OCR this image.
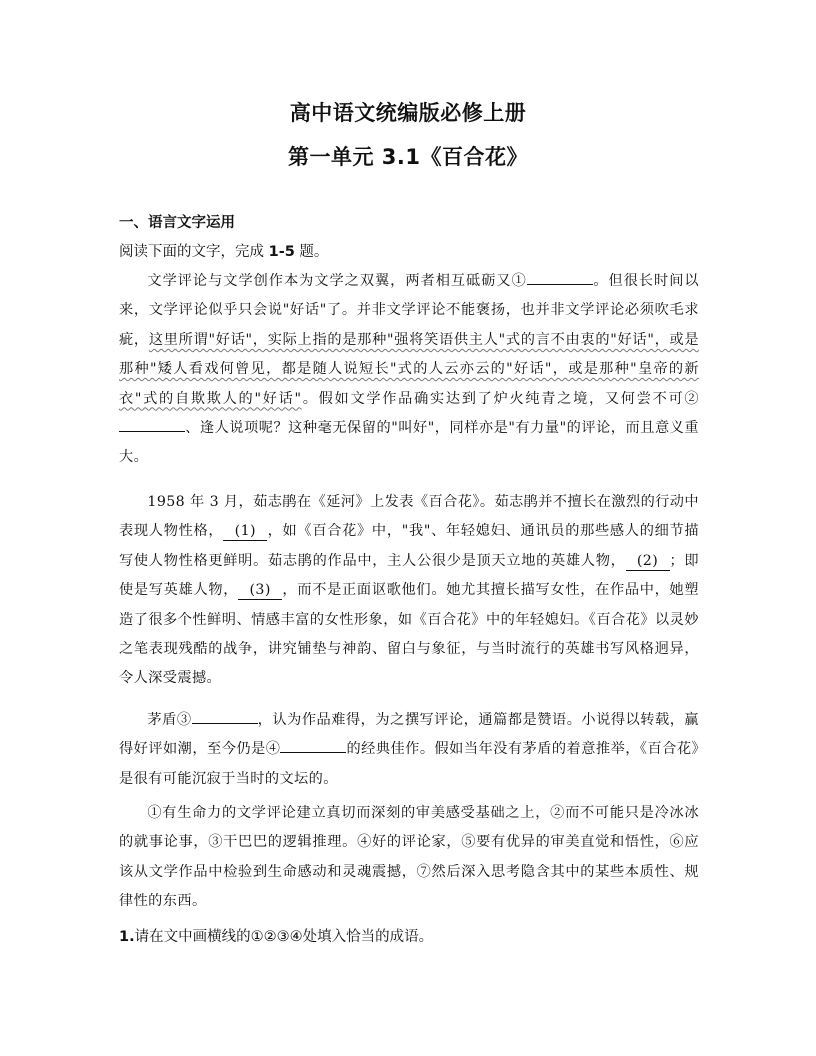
高中语文统编版必修上册
第一单元 3.1《百合花》
一、语言文字运用
阅读下面的文字，完成 1-5 题。
文学评论与文学创作本为文学之双翼，两者相互砥砺又①	。但很长时间以来，文学评论似乎只会说"好话"了。并非文学评论不能褒扬，也并非文学评论必须吹毛求疵，这里所谓"好话"，实际上指的是那种"强将笑语供主人"式的言不由衷的"好话"，或是那种"矮人看戏何曾见，都是随人说短长"式的人云亦云的"好话"，或是那种"皇帝的新衣"式的自欺欺人的"好话"。假如文学作品确实达到了炉火纯青之境，又何尝不可②、逢人说项呢？这种毫无保留的"叫好"，同样亦是"有力量"的评论，而且意义重大。
1958 年 3 月，茹志鹃在《延河》上发表《百合花》。茹志鹃并不擅长在激烈的行动中表现人物性格， (1) ，如《百合花》中，"我"、年轻媳妇、通讯员的那些感人的细节描写使人物性格更鲜明。茹志鹃的作品中，主人公很少是顶天立地的英雄人物， (2) ；即使是写英雄人物， (3) ，而不是正面讴歌他们。她尤其擅长描写女性，在作品中，她塑造了很多个性鲜明、情感丰富的女性形象，如《百合花》中的年轻媳妇。《百合花》以灵妙之笔表现残酷的战争，讲究铺垫与神韵、留白与象征，与当时流行的英雄书写风格迥异，令人深受震撼。
茅盾③	，认为作品难得，为之撰写评论，通篇都是赞语。小说得以转载，赢得好评如潮，至今仍是④	的经典佳作。假如当年没有茅盾的着意推举，《百合花》是很有可能沉寂于当时的文坛的。
①有生命力的文学评论建立真切而深刻的审美感受基础之上，②而不可能只是冷冰冰的就事论事，③干巴巴的逻辑推理。④好的评论家，⑤要有优异的审美直觉和悟性，⑥应该从文学作品中检验到生命感动和灵魂震撼，⑦然后深入思考隐含其中的某些本质性、规律性的东西。
1.请在文中画横线的①②③④处填入恰当的成语。
